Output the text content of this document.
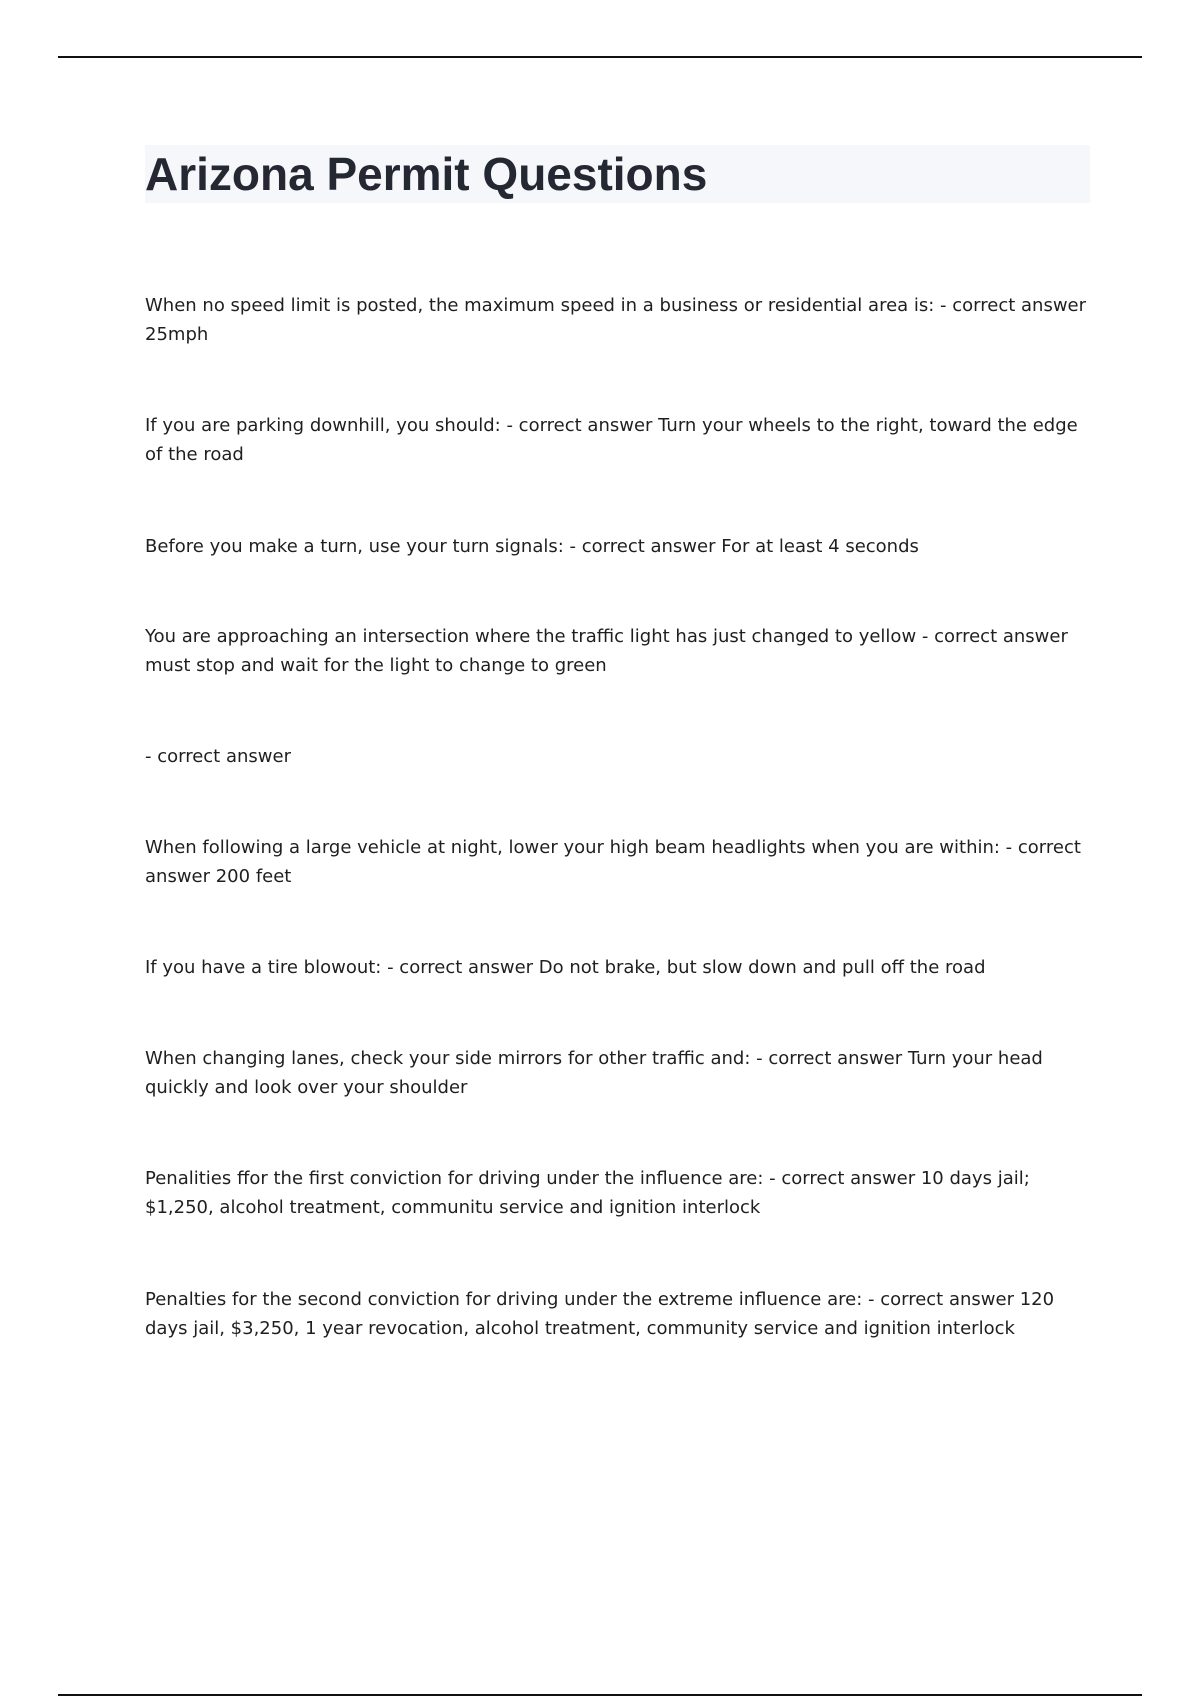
Arizona Permit Questions

When no speed limit is posted, the maximum speed in a business or residential area is: - correct answer 25mph

If you are parking downhill, you should: - correct answer Turn your wheels to the right, toward the edge of the road

Before you make a turn, use your turn signals: - correct answer For at least 4 seconds

You are approaching an intersection where the traffic light has just changed to yellow - correct answer must stop and wait for the light to change to green

- correct answer

When following a large vehicle at night, lower your high beam headlights when you are within: - correct answer 200 feet

If you have a tire blowout: - correct answer Do not brake, but slow down and pull off the road

When changing lanes, check your side mirrors for other traffic and: - correct answer Turn your head quickly and look over your shoulder

Penalities ffor the first conviction for driving under the influence are: - correct answer 10 days jail; $1,250, alcohol treatment, communitu service and ignition interlock

Penalties for the second conviction for driving under the extreme influence are: - correct answer 120 days jail, $3,250, 1 year revocation, alcohol treatment, community service and ignition interlock
